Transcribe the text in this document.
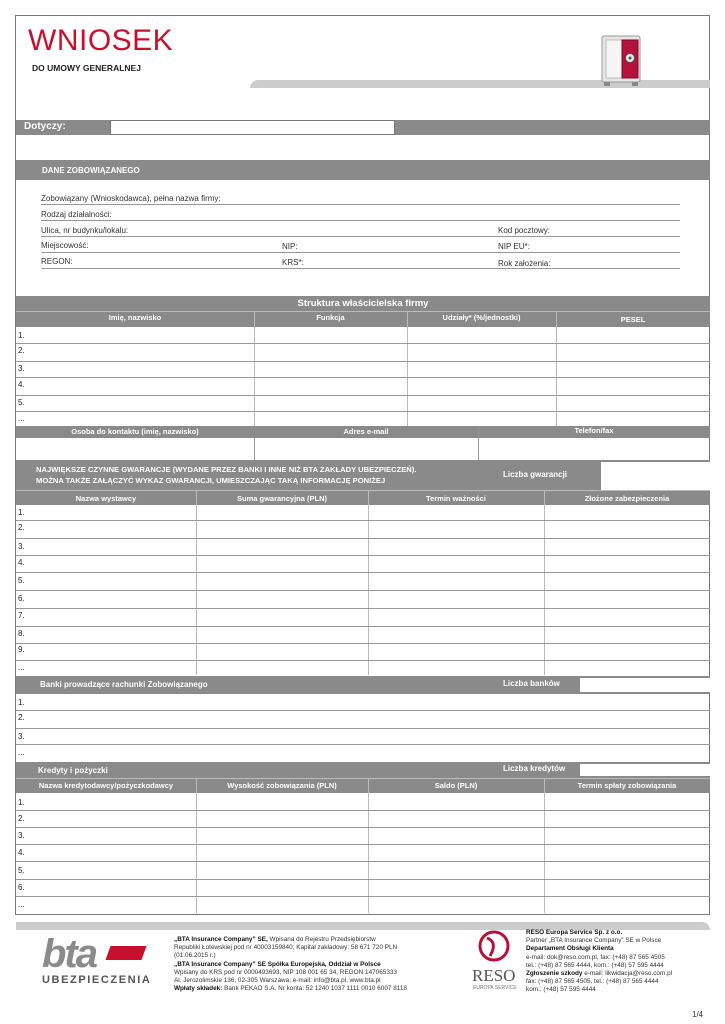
WNIOSEK
DO UMOWY GENERALNEJ
Dotyczy:
DANE ZOBOWIĄZANEGO
Zobowiązany (Wnioskodawca), pełna nazwa firmy:
Rodzaj działalności:
Ulica, nr budynku/lokalu:	Kod pocztowy:
Miejscowość:	NIP:	NIP EU*:
REGON:	KRS*:	Rok założenia:
Struktura właścicielska firmy
Imię, nazwisko	Funkcja	Udziały* (%/jednostki)	PESEL
1.
2.
3.
4.
5.
...
Osoba do kontaktu (imię, nazwisko)	Adres e-mail	Telefon/fax
NAJWIĘKSZE CZYNNE GWARANCJE (WYDANE PRZEZ BANKI I INNE NIŻ BTA ZAKŁADY UBEZPIECZEŃ).
MOŻNA TAKŻE ZAŁĄCZYĆ WYKAZ GWARANCJI, UMIESZCZAJĄC TAKĄ INFORMACJĘ PONIŻEJ
Liczba gwarancji
Nazwa wystawcy	Suma gwarancyjna (PLN)	Termin ważności	Złożone zabezpieczenia
1.
2.
3.
4.
5.
6.
7.
8.
9.
...
Banki prowadzące rachunki Zobowiązanego	Liczba banków
1.
2.
3.
...
Kredyty i pożyczki	Liczba kredytów
Nazwa kredytodawcy/pożyczkodawcy	Wysokość zobowiązania (PLN)	Saldo (PLN)	Termin spłaty zobowiązania
1.
2.
3.
4.
5.
6.
...
bta
UBEZPIECZENIA
„BTA Insurance Company” SE, Wpisana do Rejestru Przedsiębiorstw
Republiki Łotewskiej pod nr 40003159840; Kapitał zakładowy: 58 671 720 PLN
(01.06.2015 r.)
„BTA Insurance Company” SE Spółka Europejska, Oddział w Polsce
Wpisany do KRS pod nr 0000493693, NIP 108 001 65 34, REGON 147065333
Al. Jerozolimskie 136, 02-305 Warszawa; e-mail: info@bta.pl, www.bta.pl
Wpłaty składek: Bank PEKAO S.A. Nr konta: 52 1240 1037 1111 0010 6007 8118
RESO
EUROPA SERVICE
RESO Europa Service Sp. z o.o.
Partner „BTA Insurance Company” SE w Polsce
Departament Obsługi Klienta
e-mail: dok@reso.com.pl, fax: (+48) 87 565 4505
tel.: (+48) 87 565 4444, kom.: (+48) 57 595 4444
Zgłoszenie szkody e-mail: likwidacja@reso.com.pl
fax: (+48) 87 565 4505, tel.: (+48) 87 565 4444
kom.: (+48) 57 595 4444
1/4
